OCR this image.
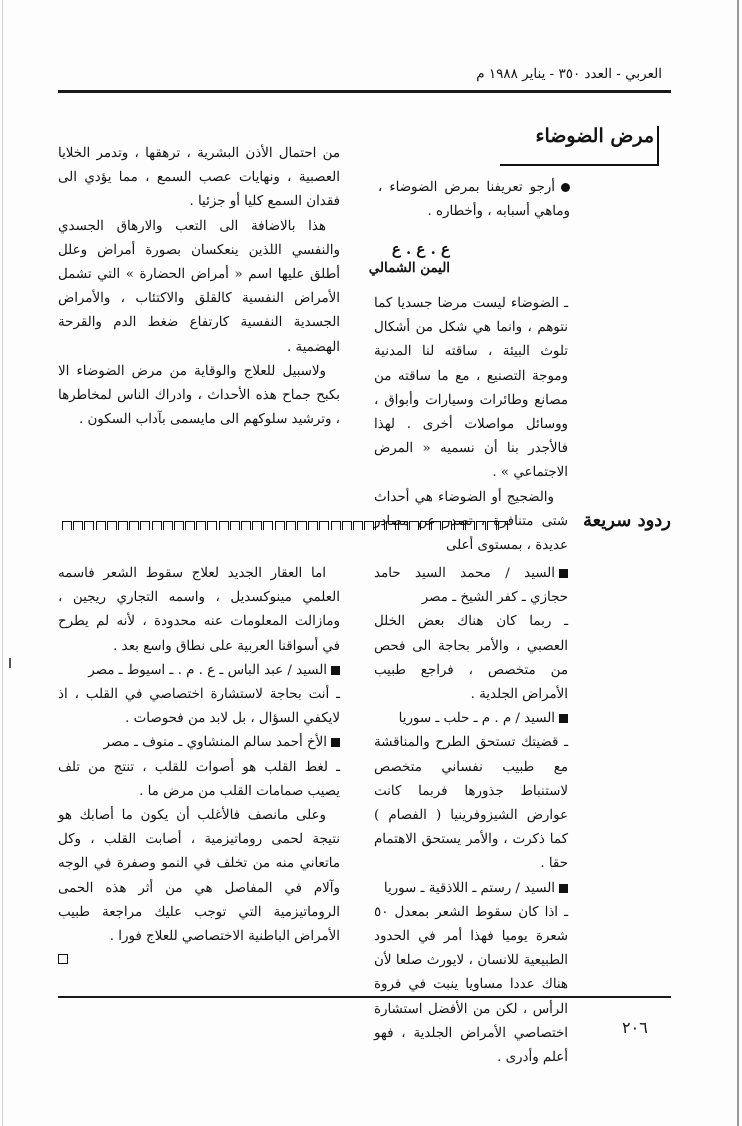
العربي - العدد ٣٥٠ - يناير ١٩٨٨ م
مرض الضوضاء

أرجو تعريفنا بمرض الضوضاء ، وماهي أسبابه ، وأخطاره .

ع . ع . ع
اليمن الشمالي

ـ الضوضاء ليست مرضا جسديا كما نتوهم ، وانما هي شكل من أشكال تلوث البيئة ، ساقته لنا المدنية وموجة التصنيع ، مع ما ساقته من مصانع وطائرات وسيارات وأبواق ، ووسائل مواصلات أخرى . لهذا فالأجدر بنا أن نسميه « المرض الاجتماعي » .

والضجيج أو الضوضاء هي أحداث شتى متنافرة ، تصدر عن مصادر عديدة ، بمستوى أعلى

من احتمال الأذن البشرية ، ترهقها ، وتدمر الخلايا العصبية ، ونهايات عصب السمع ، مما يؤدي الى فقدان السمع كليا أو جزئيا .

هذا بالاضافة الى التعب والارهاق الجسدي والنفسي اللذين ينعكسان بصورة أمراض وعلل أطلق عليها اسم « أمراض الحضارة » التي تشمل الأمراض النفسية كالقلق والاكتئاب ، والأمراض الجسدية النفسية كارتفاع ضغط الدم والقرحة الهضمية .

ولاسبيل للعلاج والوقاية من مرض الضوضاء الا بكبح جماح هذه الأحداث ، وادراك الناس لمخاطرها ، وترشيد سلوكهم الى مايسمى بآداب السكون .

ردود سريعة

السيد / محمد السيد حامد حجازي ـ كفر الشيخ ـ مصر

ـ ربما كان هناك بعض الخلل العصبي ، والأمر بحاجة الى فحص من متخصص ، فراجع طبيب الأمراض الجلدية .

السيد / م . م ـ حلب ـ سوريا

ـ قضيتك تستحق الطرح والمناقشة مع طبيب نفساني متخصص لاستنباط جذورها فربما كانت عوارض الشيزوفرينيا ( الفصام ) كما ذكرت ، والأمر يستحق الاهتمام حقا .

السيد / رستم ـ اللاذقية ـ سوريا

ـ اذا كان سقوط الشعر بمعدل ٥٠ شعرة يوميا فهذا أمر في الحدود الطبيعية للانسان ، لايورث صلعا لأن هناك عددا مساويا ينبت في فروة الرأس ، لكن من الأفضل استشارة اختصاصي الأمراض الجلدية ، فهو أعلم وأدرى .

اما العقار الجديد لعلاج سقوط الشعر فاسمه العلمي مينوكسديل ، واسمه التجاري ريجين ، ومازالت المعلومات عنه محدودة ، لأنه لم يطرح في أسواقنا العربية على نطاق واسع بعد .

السيد / عبد الباس ـ ع . م . ـ اسيوط ـ مصر

ـ أنت بحاجة لاستشارة اختصاصي في القلب ، اذ لايكفي السؤال ، بل لابد من فحوصات .

الأخ أحمد سالم المنشاوي ـ منوف ـ مصر

ـ لغط القلب هو أصوات للقلب ، تنتج من تلف يصيب صمامات القلب من مرض ما .

وعلى مانصف فالأغلب أن يكون ما أصابك هو نتيجة لحمى روماتيزمية ، أصابت القلب ، وكل ماتعاني منه من تخلف في النمو وصفرة في الوجه وآلام في المفاصل هي من أثر هذه الحمى الروماتيزمية التي توجب عليك مراجعة طبيب الأمراض الباطنية الاختصاصي للعلاج فورا .

٢٠٦
